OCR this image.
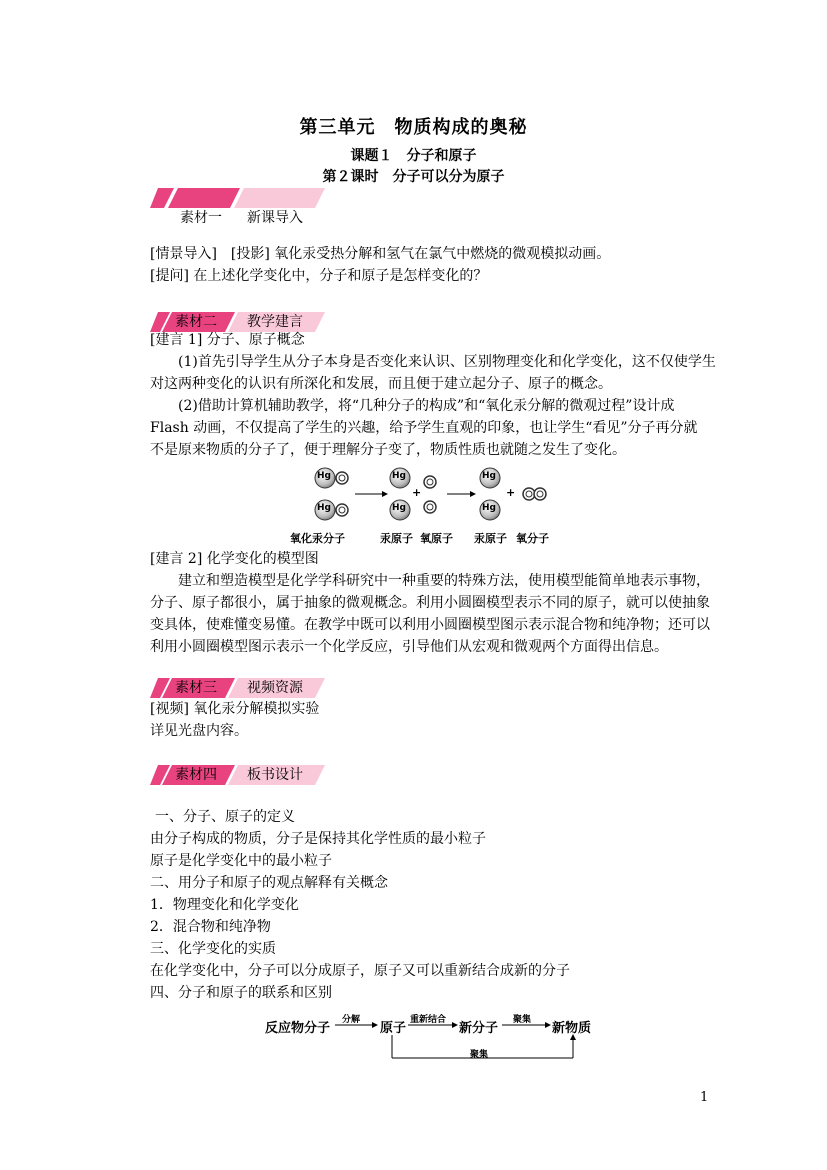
第三单元　物质构成的奥秘
课题１　分子和原子
第２课时　分子可以分为原子
素材一 新课导入
[情景导入]　[投影] 氧化汞受热分解和氢气在氯气中燃烧的微观模拟动画。
[提问] 在上述化学变化中，分子和原子是怎样变化的？
素材二 教学建言
[建言 1] 分子、原子概念
(1)首先引导学生从分子本身是否变化来认识、区别物理变化和化学变化，这不仅使学生
对这两种变化的认识有所深化和发展，而且便于建立起分子、原子的概念。
(2)借助计算机辅助教学，将“几种分子的构成”和“氧化汞分解的微观过程”设计成
Flash 动画，不仅提高了学生的兴趣，给予学生直观的印象，也让学生“看见”分子再分就
不是原来物质的分子了，便于理解分子变了，物质性质也就随之发生了变化。
Hg
Hg
Hg
Hg
Hg
Hg
+	+
氧化汞分子	汞原子 氧原子 汞原子 氧分子
[建言 2] 化学变化的模型图
建立和塑造模型是化学学科研究中一种重要的特殊方法，使用模型能简单地表示事物，
分子、原子都很小，属于抽象的微观概念。利用小圆圈模型表示不同的原子，就可以使抽象
变具体，使难懂变易懂。在教学中既可以利用小圆圈模型图示表示混合物和纯净物；还可以
利用小圆圈模型图示表示一个化学反应，引导他们从宏观和微观两个方面得出信息。
素材三 视频资源
[视频] 氧化汞分解模拟实验
详见光盘内容。
素材四 板书设计
一、分子、原子的定义
由分子构成的物质，分子是保持其化学性质的最小粒子
原子是化学变化中的最小粒子
二、用分子和原子的观点解释有关概念
1．物理变化和化学变化
2．混合物和纯净物
三、化学变化的实质
在化学变化中，分子可以分成原子，原子又可以重新结合成新的分子
四、分子和原子的联系和区别
反应物分子
分解
原子
重新结合
新分子
聚集
新物质
聚集
1
